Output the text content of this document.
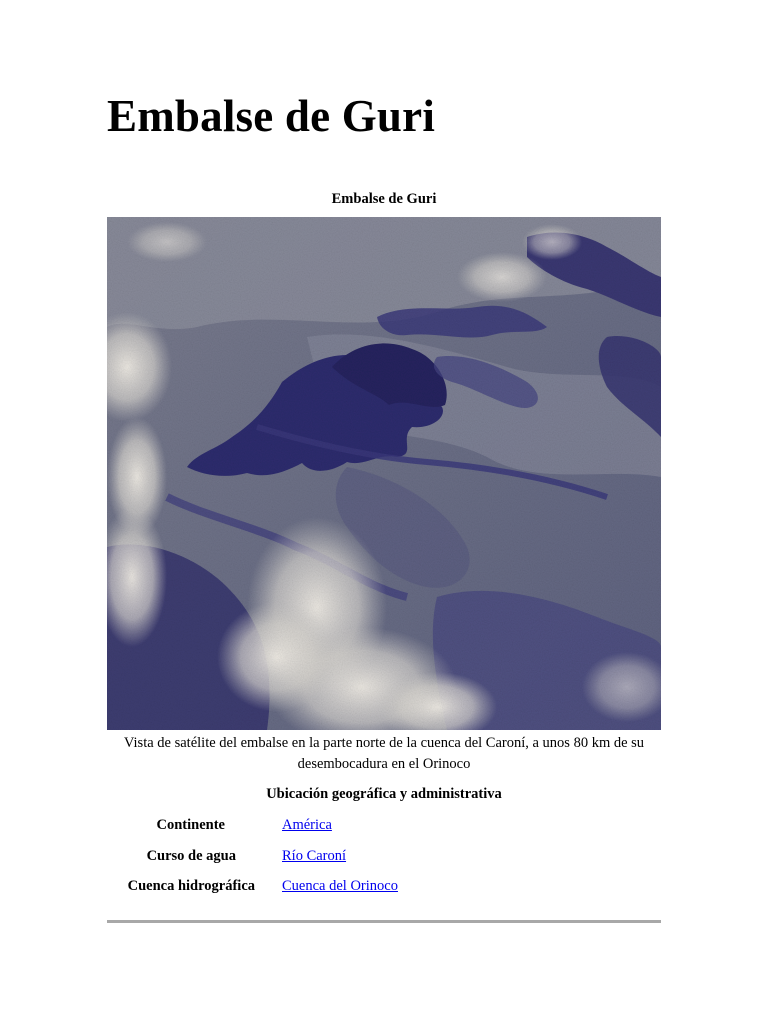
Embalse de Guri
Embalse de Guri
Vista de satélite del embalse en la parte norte de la cuenca del Caroní, a unos 80 km de su desembocadura en el Orinoco
Ubicación geográfica y administrativa
Continente	América
Curso de agua	Río Caroní
Cuenca hidrográfica Cuenca del Orinoco
